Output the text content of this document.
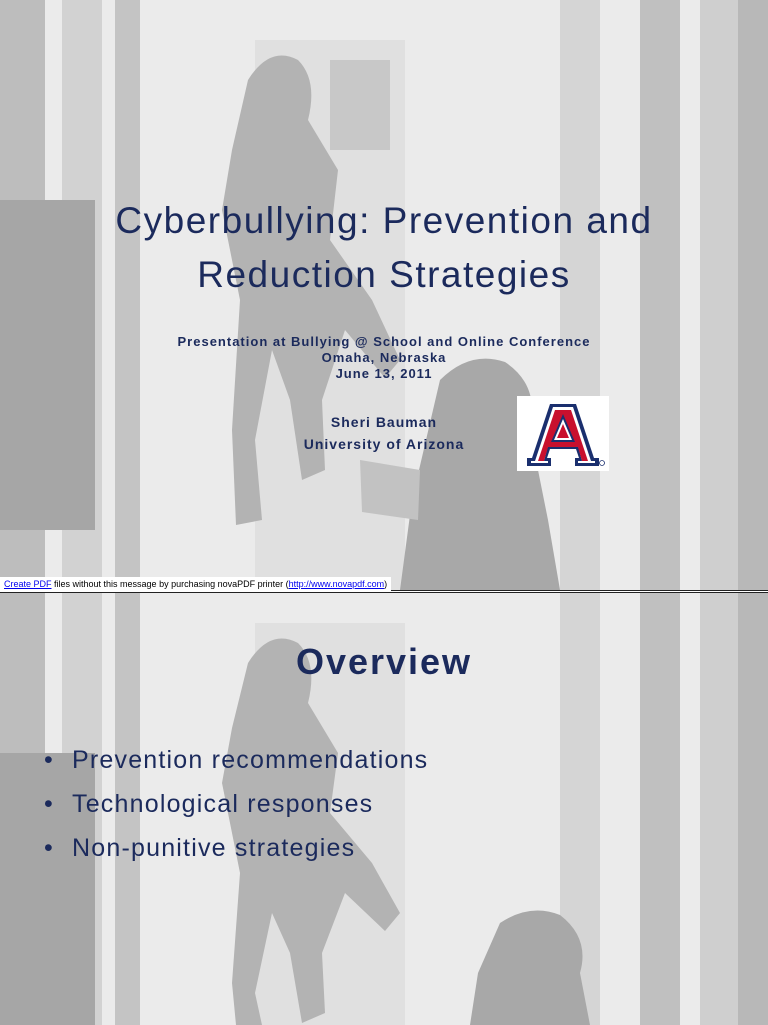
Cyberbullying: Prevention and
Reduction Strategies
Presentation at Bullying @ School and Online Conference
Omaha, Nebraska
June 13, 2011
Sheri Bauman
University of Arizona
Create PDF files without this message by purchasing novaPDF printer (http://www.novapdf.com)
Overview
• Prevention recommendations
• Technological responses
• Non-punitive strategies
